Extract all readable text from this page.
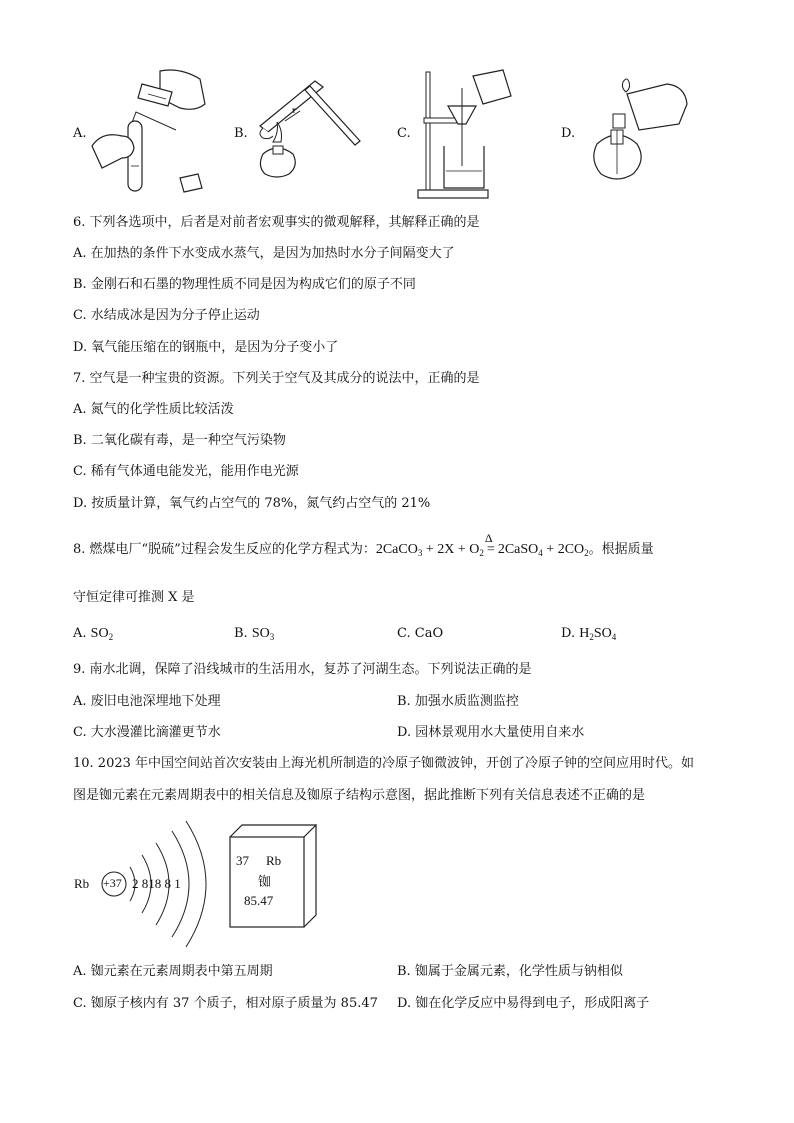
A.	B.	C.	D.
6. 下列各选项中，后者是对前者宏观事实的微观解释，其解释正确的是
A. 在加热的条件下水变成水蒸气，是因为加热时水分子间隔变大了
B. 金刚石和石墨的物理性质不同是因为构成它们的原子不同
C. 水结成冰是因为分子停止运动
D. 氧气能压缩在的钢瓶中，是因为分子变小了
7. 空气是一种宝贵的资源。下列关于空气及其成分的说法中，正确的是
A. 氮气的化学性质比较活泼
B. 二氧化碳有毒，是一种空气污染物
C. 稀有气体通电能发光，能用作电光源
D. 按质量计算，氧气约占空气的 78%，氮气约占空气的 21%
8. 燃煤电厂“脱硫”过程会发生反应的化学方程式为：2CaCO$_3$ + $2X + O_2$
Δ
= 2CaSO$_4$ + $2CO_2$。根据质量
守恒定律可推测 X 是
A. $SO_2$	B. $SO_3$	C. CaO	D. $H_2SO_4$
9. 南水北调，保障了沿线城市的生活用水，复苏了河湖生态。下列说法正确的是
A. 废旧电池深埋地下处理	B. 加强水质监测监控
C. 大水漫灌比滴灌更节水	D. 园林景观用水大量使用自来水
10. 2023 年中国空间站首次安装由上海光机所制造的冷原子铷微波钟，开创了冷原子钟的空间应用时代。如
图是铷元素在元素周期表中的相关信息及铷原子结构示意图，据此推断下列有关信息表述不正确的是
Rb +37 2 818 8 1
37 Rb
铷
85.47
A. 铷元素在元素周期表中第五周期	B. 铷属于金属元素，化学性质与钠相似
C. 铷原子核内有 37 个质子，相对原子质量为 85.47 D. 铷在化学反应中易得到电子，形成阳离子
